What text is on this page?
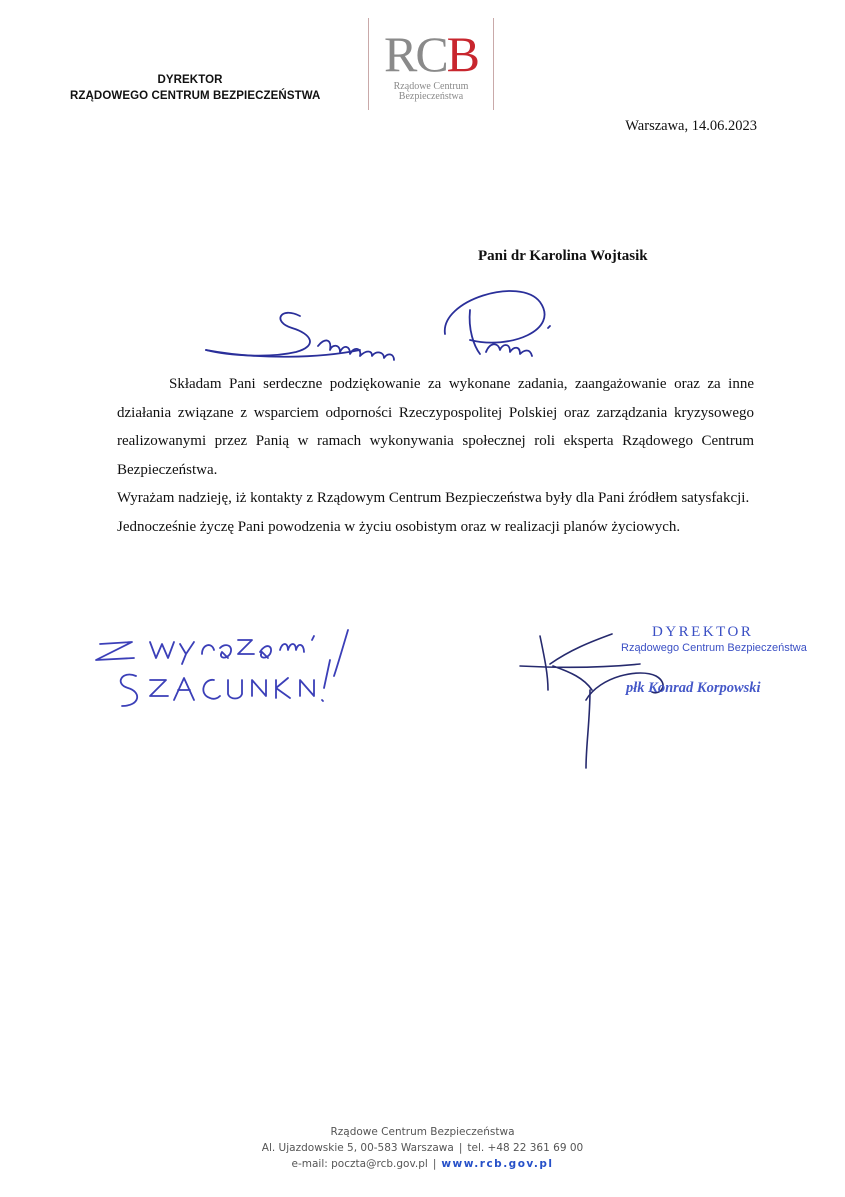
DYREKTOR
RZĄDOWEGO CENTRUM BEZPIECZEŃSTWA
RCB
Rządowe Centrum
Bezpieczeństwa
Warszawa, 14.06.2023
Pani dr Karolina Wojtasik

Składam Pani serdeczne podziękowanie za wykonane zadania, zaangażowanie oraz za inne działania związane z wsparciem odporności Rzeczypospolitej Polskiej oraz zarządzania kryzysowego realizowanymi przez Panią w ramach wykonywania społecznej roli eksperta Rządowego Centrum Bezpieczeństwa.

Wyrażam nadzieję, iż kontakty z Rządowym Centrum Bezpieczeństwa były dla Pani źródłem satysfakcji.

Jednocześnie życzę Pani powodzenia w życiu osobistym oraz w realizacji planów życiowych.

DYREKTOR
Rządowego Centrum Bezpieczeństwa
płk Konrad Korpowski
Rządowe Centrum Bezpieczeństwa
Al. Ujazdowskie 5, 00-583 Warszawa | tel. +48 22 361 69 00
e-mail: poczta@rcb.gov.pl | www.rcb.gov.pl
